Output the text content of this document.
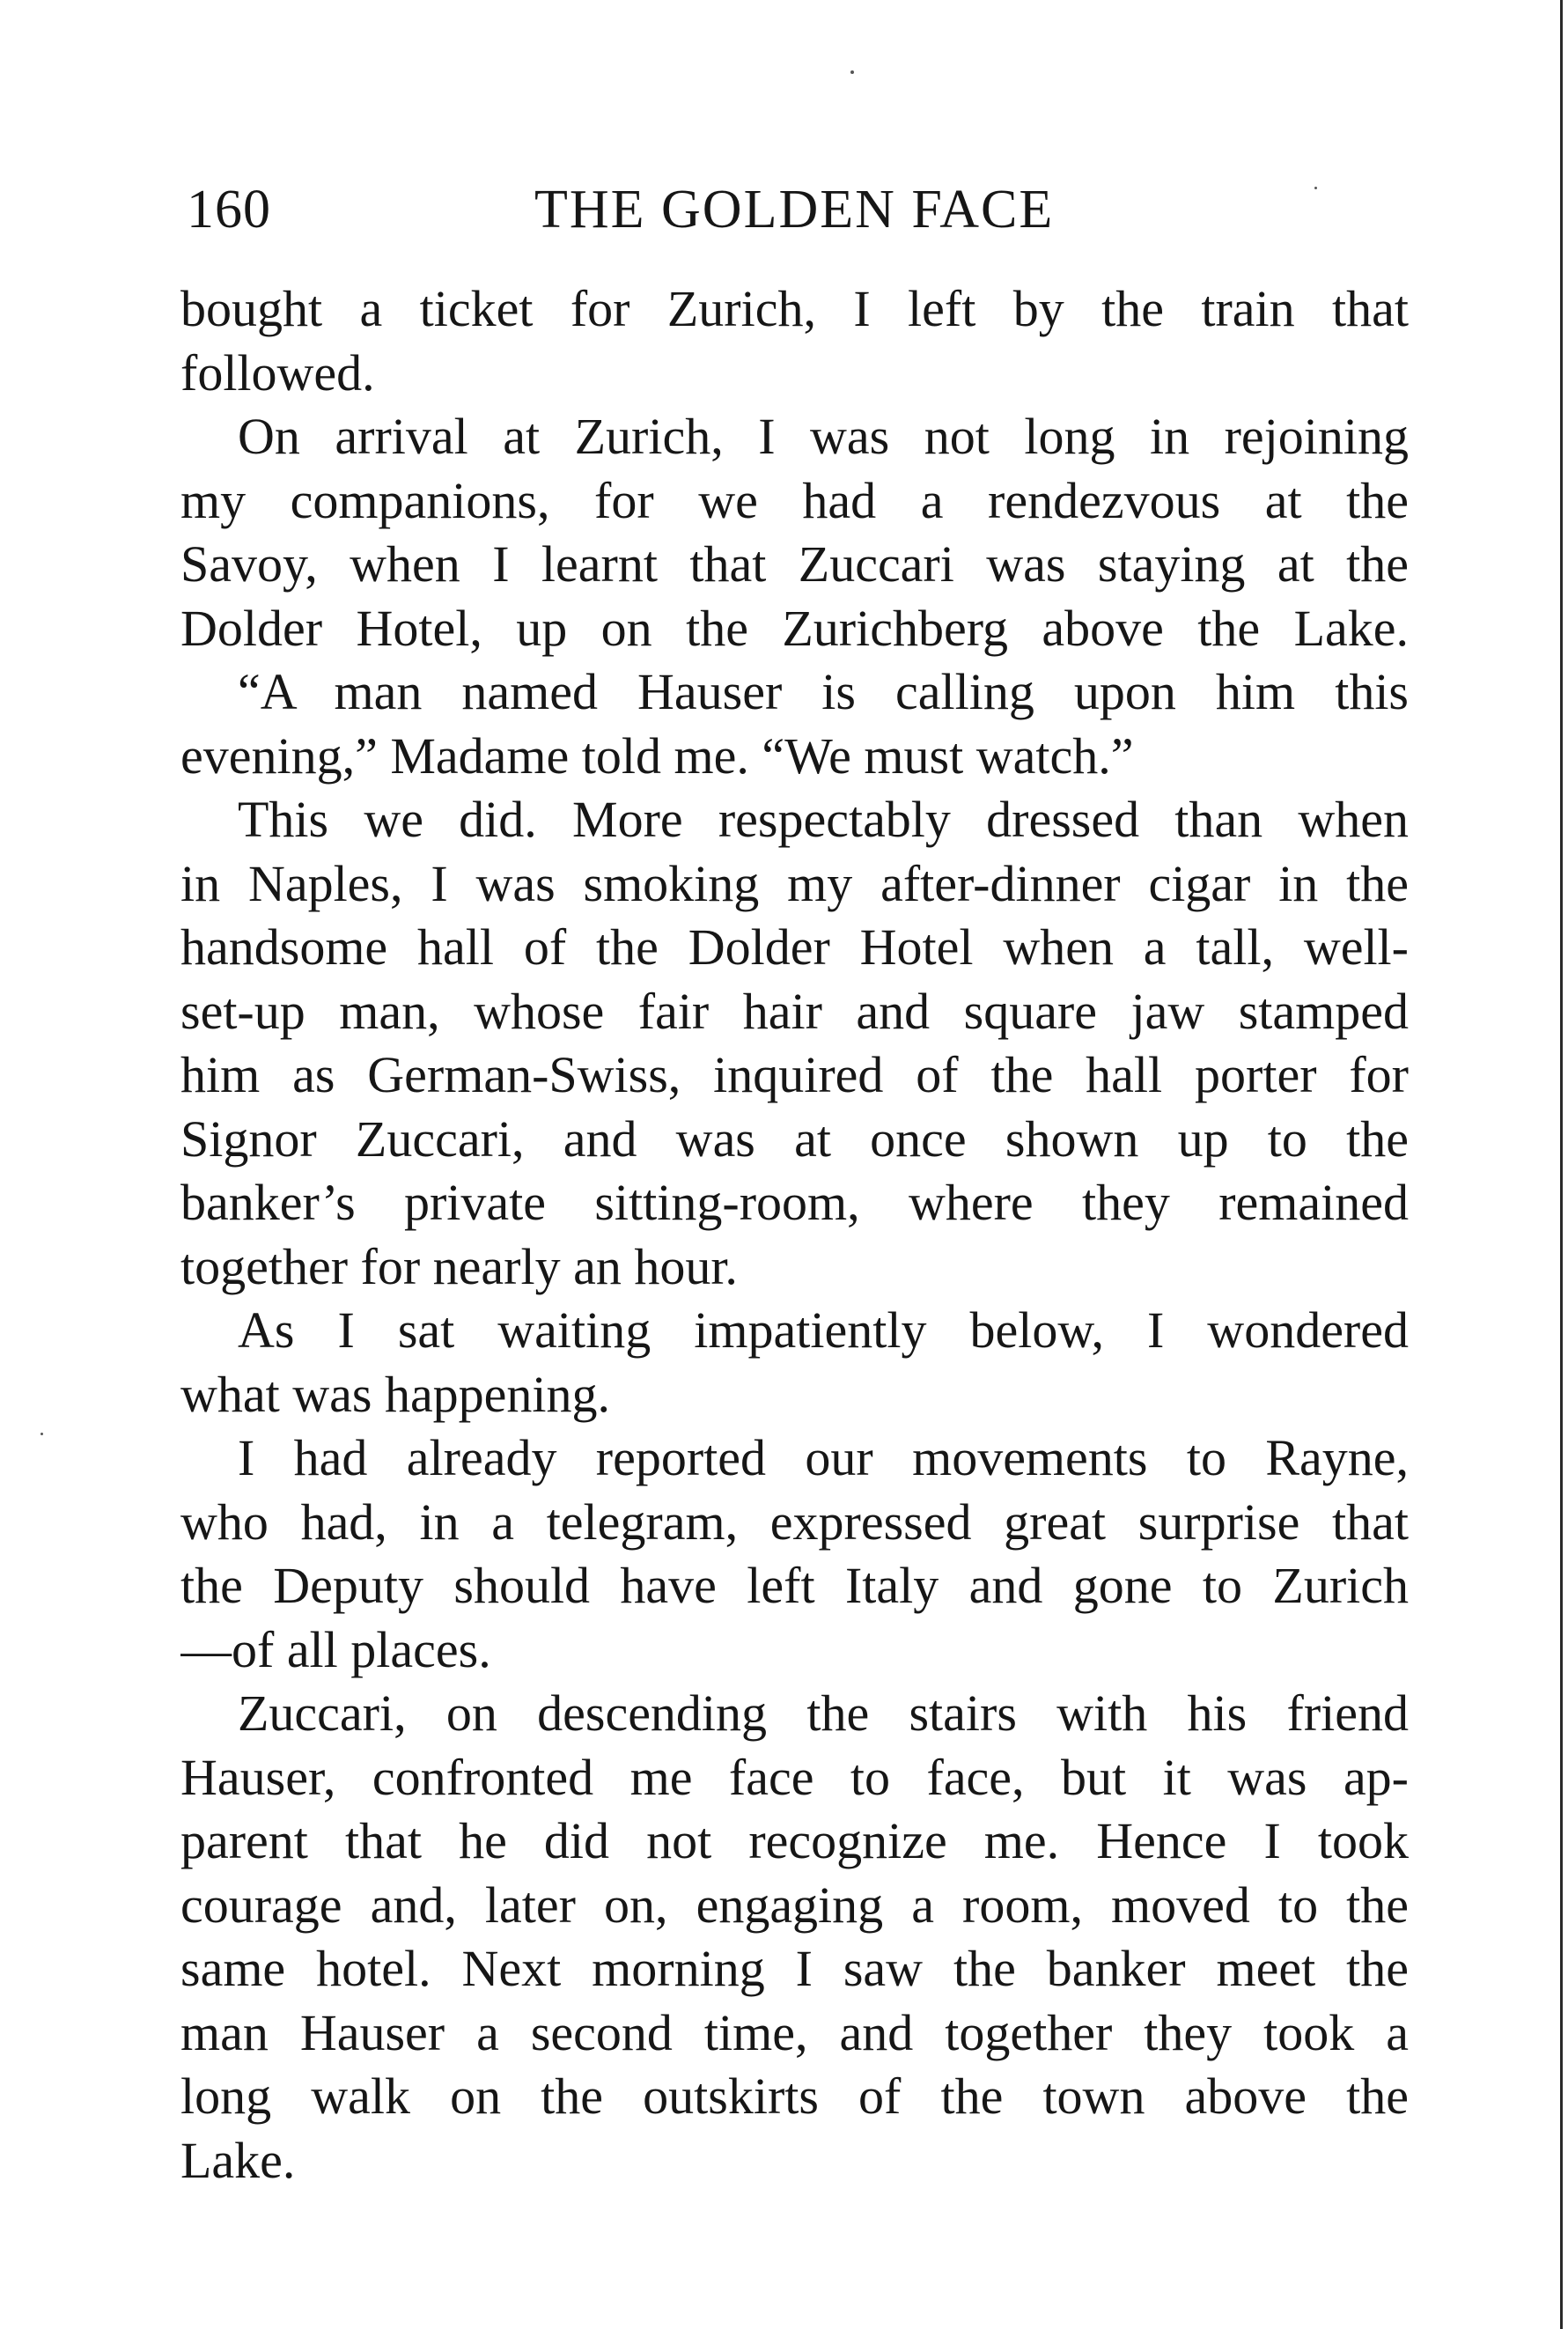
160	THE GOLDEN FACE
bought a ticket for Zurich, I left by the train that
followed.
On arrival at Zurich, I was not long in rejoining
my companions, for we had a rendezvous at the
Savoy, when I learnt that Zuccari was staying at the
Dolder Hotel, up on the Zurichberg above the Lake.
“A man named Hauser is calling upon him this
evening,” Madame told me. “We must watch.”
This we did. More respectably dressed than when
in Naples, I was smoking my after-dinner cigar in the
handsome hall of the Dolder Hotel when a tall, well-
set-up man, whose fair hair and square jaw stamped
him as German-Swiss, inquired of the hall porter for
Signor Zuccari, and was at once shown up to the
banker’s private sitting-room, where they remained
together for nearly an hour.
As I sat waiting impatiently below, I wondered
what was happening.
I had already reported our movements to Rayne,
who had, in a telegram, expressed great surprise that
the Deputy should have left Italy and gone to Zurich
—of all places.
Zuccari, on descending the stairs with his friend
Hauser, confronted me face to face, but it was ap-
parent that he did not recognize me. Hence I took
courage and, later on, engaging a room, moved to the
same hotel. Next morning I saw the banker meet the
man Hauser a second time, and together they took a
long walk on the outskirts of the town above the
Lake.
